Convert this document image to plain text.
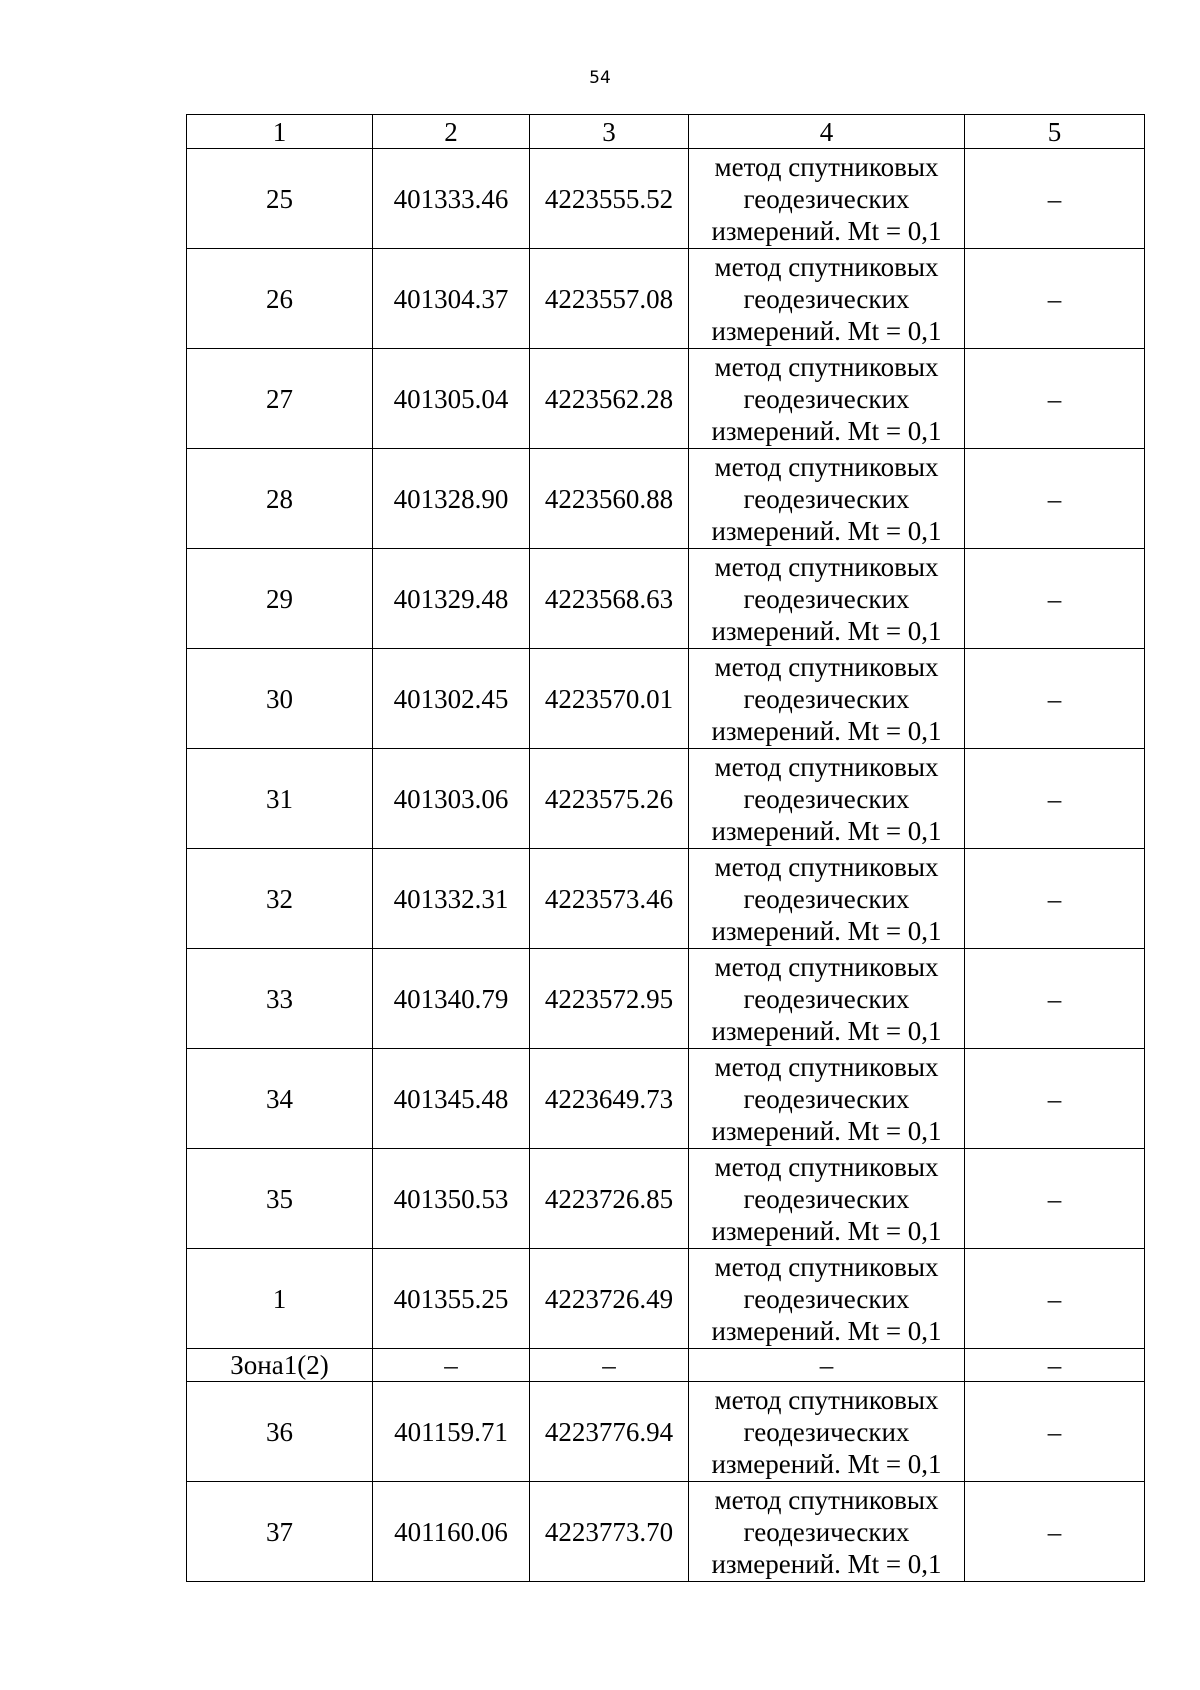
54
1	2	3	4	5
25	401333.46	4223555.52	метод спутниковых
геодезических
измерений. Mt = 0,1	–
26	401304.37	4223557.08	метод спутниковых
геодезических
измерений. Mt = 0,1	–
27	401305.04	4223562.28	метод спутниковых
геодезических
измерений. Mt = 0,1	–
28	401328.90	4223560.88	метод спутниковых
геодезических
измерений. Mt = 0,1	–
29	401329.48	4223568.63	метод спутниковых
геодезических
измерений. Mt = 0,1	–
30	401302.45	4223570.01	метод спутниковых
геодезических
измерений. Mt = 0,1	–
31	401303.06	4223575.26	метод спутниковых
геодезических
измерений. Mt = 0,1	–
32	401332.31	4223573.46	метод спутниковых
геодезических
измерений. Mt = 0,1	–
33	401340.79	4223572.95	метод спутниковых
геодезических
измерений. Mt = 0,1	–
34	401345.48	4223649.73	метод спутниковых
геодезических
измерений. Mt = 0,1	–
35	401350.53	4223726.85	метод спутниковых
геодезических
измерений. Mt = 0,1	–
1	401355.25	4223726.49	метод спутниковых
геодезических
измерений. Mt = 0,1	–
Зона1(2)	–	–	–	–
36	401159.71	4223776.94	метод спутниковых
геодезических
измерений. Mt = 0,1	–
37	401160.06	4223773.70	метод спутниковых
геодезических
измерений. Mt = 0,1	–
